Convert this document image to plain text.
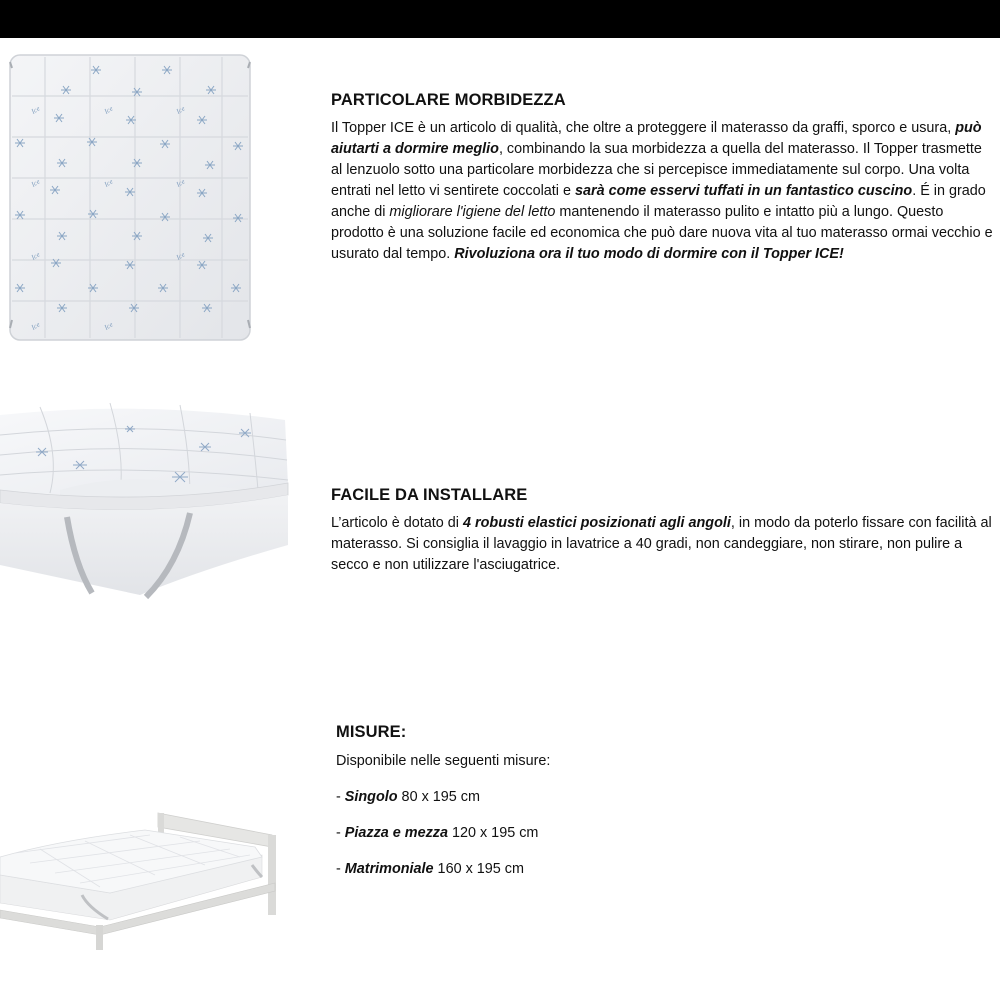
Ice	Ice	Ice
Ice	Ice	Ice
Ice	Ice
Ice	Ice
PARTICOLARE MORBIDEZZA

Il Topper ICE è un articolo di qualità, che oltre a proteggere il materasso da graffi, sporco e usura, può aiutarti a dormire meglio, combinando la sua morbidezza a quella del materasso. Il Topper trasmette al lenzuolo sotto una particolare morbidezza che si percepisce immediatamente sul corpo. Una volta entrati nel letto vi sentirete coccolati e sarà come esservi tuffati in un fantastico cuscino. É in grado anche di migliorare l'igiene del letto mantenendo il materasso pulito e intatto più a lungo. Questo prodotto è una soluzione facile ed economica che può dare nuova vita al tuo materasso ormai vecchio e usurato dal tempo. Rivoluziona ora il tuo modo di dormire con il Topper ICE!

FACILE DA INSTALLARE

L’articolo è dotato di 4 robusti elastici posizionati agli angoli, in modo da poterlo fissare con facilità al materasso. Si consiglia il lavaggio in lavatrice a 40 gradi, non candeggiare, non stirare, non pulire a secco e non utilizzare l'asciugatrice.

MISURE:

Disponibile nelle seguenti misure:

- Singolo 80 x 195 cm

- Piazza e mezza 120 x 195 cm

- Matrimoniale 160 x 195 cm
